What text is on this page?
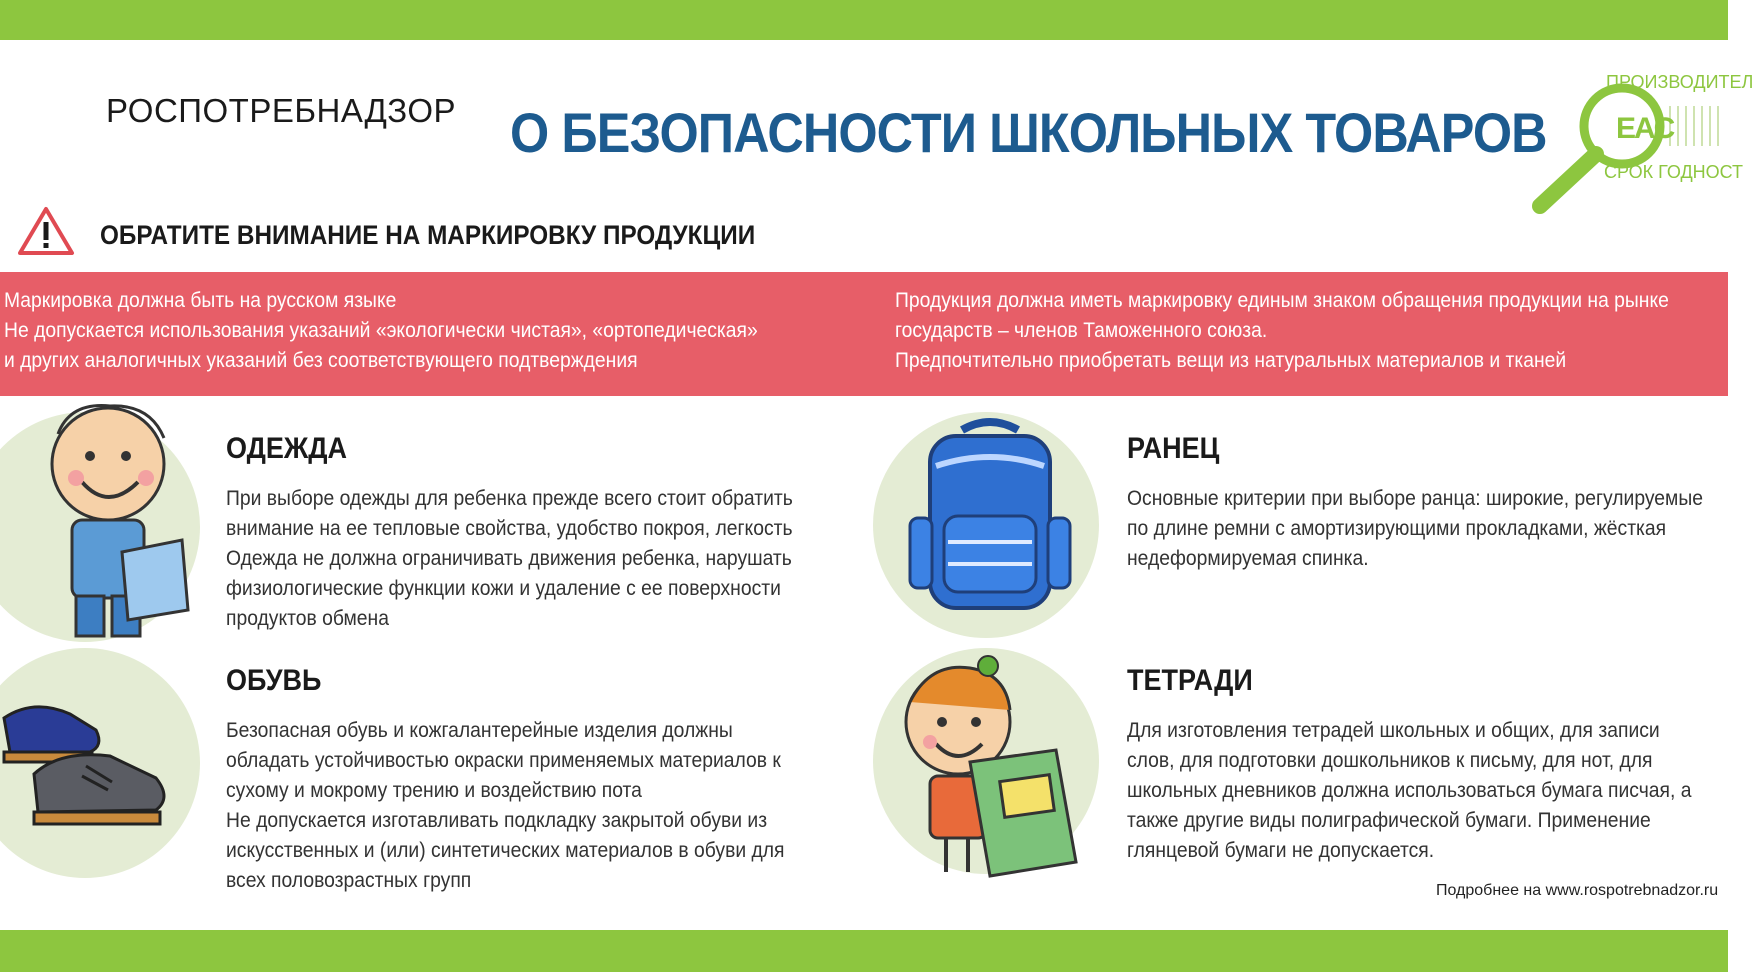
РОСПОТРЕБНАДЗОР О БЕЗОПАСНОСТИ ШКОЛЬНЫХ ТОВАРОВ
ПРОИЗВОДИТЕЛ
EAC
СРОК ГОДНОСТ
ОБРАТИТЕ ВНИМАНИЕ НА МАРКИРОВКУ ПРОДУКЦИИ
Маркировка должна быть на русском языке
Не допускается использования указаний «экологически чистая», «ортопедическая»
и других аналогичных указаний без соответствующего подтверждения
Продукция должна иметь маркировку единым знаком обращения продукции на рынке
государств – членов Таможенного союза.
Предпочтительно приобретать вещи из натуральных материалов и тканей
ОДЕЖДА
При выборе одежды для ребенка прежде всего стоит обратить
внимание на ее тепловые свойства, удобство покроя, легкость
Одежда не должна ограничивать движения ребенка, нарушать
физиологические функции кожи и удаление с ее поверхности
продуктов обмена
РАНЕЦ
Основные критерии при выборе ранца: широкие, регулируемые
по длине ремни с амортизирующими прокладками, жёсткая
недеформируемая спинка.
ОБУВЬ
Безопасная обувь и кожгалантерейные изделия должны
обладать устойчивостью окраски применяемых материалов к
сухому и мокрому трению и воздействию пота
Не допускается изготавливать подкладку закрытой обуви из
искусственных и (или) синтетических материалов в обуви для
всех половозрастных групп
ТЕТРАДИ
Для изготовления тетрадей школьных и общих, для записи
слов, для подготовки дошкольников к письму, для нот, для
школьных дневников должна использоваться бумага писчая, а
также другие виды полиграфической бумаги. Применение
глянцевой бумаги не допускается.
Подробнее на www.rospotrebnadzor.ru
